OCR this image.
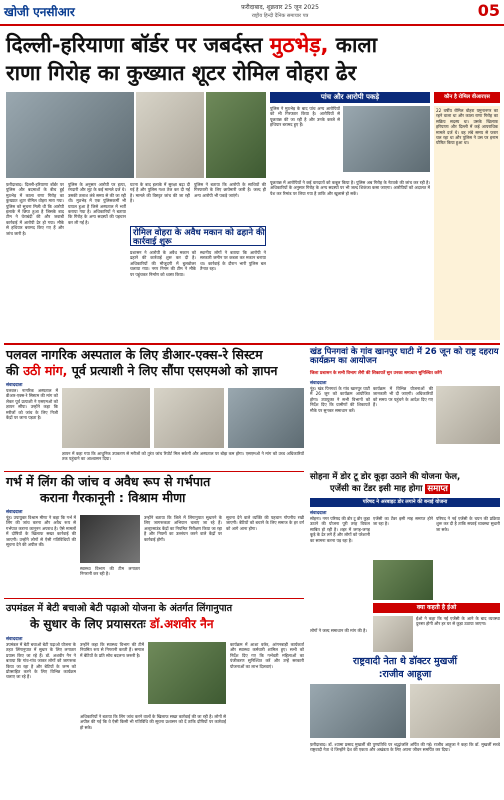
खोजी एनसीआर	फ़रीदाबाद, शुक्रवार 25 जून 2025
राष्ट्रीय हिन्दी दैनिक समाचार पत्र	05
दिल्ली-हरियाणा बॉर्डर पर जबर्दस्त मुठभेड़, काला
राणा गिरोह का कुख्यात शूटर रोमिल वोहरा ढेर
फ़रीदाबाद। दिल्ली-हरियाणा बॉर्डर पर पुलिस और बदमाशों के बीच हुई मुठभेड़ में काला राणा गिरोह का कुख्यात शूटर रोमिल वोहरा मारा गया। पुलिस को सूचना मिली थी कि आरोपी इलाके में छिपा हुआ है जिसके बाद टीम ने घेराबंदी की और जवाबी कार्रवाई में आरोपी ढेर हो गया। मौके से हथियार बरामद किए गए हैं और जांच जारी है।
पुलिस के अनुसार आरोपी पर हत्या, रंगदारी और लूट के कई मामले दर्ज थे। उसकी तलाश लंबे समय से की जा रही थी। मुठभेड़ में एक पुलिसकर्मी भी घायल हुआ है जिसे अस्पताल में भर्ती कराया गया है। अधिकारियों ने बताया कि गिरोह के अन्य सदस्यों की पहचान कर ली गई है।
घटना के बाद इलाके में सुरक्षा बढ़ा दी गई है और पुलिस गश्त तेज कर दी गई है। मामले की विस्तृत जांच की जा रही है।
पुलिस ने बताया कि आरोपी के साथियों की गिरफ्तारी के लिए छापेमारी जारी है। जल्द ही अन्य आरोपी भी पकड़े जाएंगे।
रोमिल वोहरा के अवैध मकान को ढहाने की कार्रवाई शुरू
प्रशासन ने आरोपी के अवैध मकान को ढहाने की कार्रवाई शुरू कर दी है। अधिकारियों की मौजूदगी में बुलडोजर चलाया गया। नगर निगम की टीम ने मौके पर पहुंचकर निर्माण को ध्वस्त किया।
स्थानीय लोगों ने बताया कि आरोपी ने सरकारी जमीन पर कब्जा कर मकान बनाया था। कार्रवाई के दौरान भारी पुलिस बल तैनात रहा।
पांच और आरोपी पकड़े
पुलिस ने मुठभेड़ के बाद पांच अन्य आरोपियों को भी गिरफ्तार किया है। आरोपियों से पूछताछ की जा रही है और उनके कब्जे से हथियार बरामद हुए हैं।
पूछताछ में आरोपियों ने कई वारदातों को कबूल किया है। पुलिस अब गिरोह के नेटवर्क की जांच कर रही है। अधिकारियों के अनुसार गिरोह के अन्य सदस्यों पर भी जल्द शिकंजा कसा जाएगा। आरोपियों को अदालत में पेश कर रिमांड पर लिया गया है ताकि और खुलासे हो सकें।
कौन है रोमिल वीआरएस
22 वर्षीय रोमिल वोहरा यमुनानगर का रहने वाला था और काला राणा गिरोह का सक्रिय सदस्य था। उसके खिलाफ हरियाणा और दिल्ली में कई आपराधिक मामले दर्ज थे। वह लंबे समय से फरार चल रहा था और पुलिस ने उस पर इनाम घोषित किया हुआ था।
पलवल नागरिक अस्पताल के लिए डीआर-एक्स-रे सिस्टम
की उठी मांग, पूर्व प्रत्याशी ने लिए सौंपा एसएमओ को ज्ञापन
संवाददाता
पलवल। नागरिक अस्पताल में डीआर-एक्स-रे सिस्टम की मांग को लेकर पूर्व प्रत्याशी ने एसएमओ को ज्ञापन सौंपा। उन्होंने कहा कि मरीजों को जांच के लिए निजी केंद्रों पर जाना पड़ता है।
ज्ञापन में कहा गया कि आधुनिक उपकरण से मरीजों को तुरंत जांच रिपोर्ट मिल सकेगी और अस्पताल पर बोझ कम होगा। एसएमओ ने मांग को उच्च अधिकारियों तक पहुंचाने का आश्वासन दिया।
खंड पिनगवां के गांव खानपुर घाटी में 26 जून को राष्ट्र दहराय कार्यक्रम का आयोजन
जिला प्रशासन के सभी विभाग लेंगी की शिकायतें सुन उनका समाधान सुनिश्चित करेंगे
संवाददाता
नूंह। खंड पिनगवां के गांव खानपुर घाटी में 26 जून को कार्यक्रम आयोजित होगा। उपायुक्त ने सभी विभागों को निर्देश दिए कि ग्रामीणों की शिकायतें मौके पर सुनकर समाधान करें।
कार्यक्रम में विभिन्न योजनाओं की जानकारी भी दी जाएगी। अधिकारियों को समय पर पहुंचने के आदेश दिए गए हैं।
गर्भ में लिंग की जांच व अवैध रूप से गर्भपात
कराना गैरकानूनी : विश्राम मीणा
संवाददाता
नूंह। उपायुक्त विश्राम मीणा ने कहा कि गर्भ में लिंग की जांच करना और अवैध रूप से गर्भपात कराना कानूनन अपराध है। ऐसे मामलों में दोषियों के खिलाफ सख्त कार्रवाई की जाएगी। उन्होंने लोगों से ऐसी गतिविधियों की सूचना देने की अपील की।
स्वास्थ्य विभाग की टीम लगातार निगरानी कर रही है।
उन्होंने बताया कि जिले में लिंगानुपात सुधारने के लिए जागरूकता अभियान चलाए जा रहे हैं। अल्ट्रासाउंड केंद्रों का नियमित निरीक्षण किया जा रहा है और नियमों का उल्लंघन करने वाले केंद्रों पर कार्रवाई होगी।
सूचना देने वाले व्यक्ति की पहचान गोपनीय रखी जाएगी। बेटियों को बचाने के लिए समाज के हर वर्ग को आगे आना होगा।
सोहना में डोर टू डोर कूड़ा उठाने की योजना फेल,
एजेंसी का टेंडर इसी माह होगा समाप्त
परिषद ने अरबाइट डोर लगाने की बनाई योजना
संवाददाता
सोहना। नगर परिषद की डोर टू डोर कूड़ा उठाने की योजना पूरी तरह विफल साबित हो रही है। शहर में जगह-जगह कूड़े के ढेर लगे हैं और लोगों को परेशानी का सामना करना पड़ रहा है।
एजेंसी का टेंडर इसी माह समाप्त होने जा रहा है।
परिषद ने नई एजेंसी के चयन की प्रक्रिया शुरू कर दी है ताकि सफाई व्यवस्था सुधारी जा सके।
क्या कहती है ईओ
ईओ ने कहा कि नई एजेंसी के आने के बाद व्यवस्था दुरुस्त होगी और हर घर से कूड़ा उठाया जाएगा।
लोगों ने जल्द समाधान की मांग की है।
उपमंडल में बेटी बचाओ बेटी पढ़ाओ योजना के अंतर्गत लिंगानुपात
के सुधार के लिए प्रयासरतः डॉ.अशवीर नैन
संवाददाता
उपमंडल में बेटी बचाओ बेटी पढ़ाओ योजना के तहत लिंगानुपात में सुधार के लिए लगातार प्रयास किए जा रहे हैं। डॉ. अशवीर नैन ने बताया कि गांव-गांव जाकर लोगों को जागरूक किया जा रहा है और बेटियों के जन्म को प्रोत्साहित करने के लिए विभिन्न कार्यक्रम चलाए जा रहे हैं।
उन्होंने कहा कि स्वास्थ्य विभाग की टीमें नियमित रूप से निगरानी करती हैं। समाज में बेटियों के प्रति सोच बदलना जरूरी है।
कार्यक्रम में आशा वर्कर, आंगनबाड़ी कार्यकर्ता और स्वास्थ्य कर्मचारी शामिल हुए। सभी को निर्देश दिए गए कि गर्भवती महिलाओं का पंजीकरण सुनिश्चित करें और उन्हें सरकारी योजनाओं का लाभ दिलवाएं।
अधिकारियों ने बताया कि लिंग जांच करने वालों के खिलाफ सख्त कार्रवाई की जा रही है। लोगों से अपील की गई कि वे ऐसी किसी भी गतिविधि की सूचना प्रशासन को दें ताकि दोषियों पर कार्रवाई हो सके।
राष्ट्रवादी नेता थे डॉक्टर मुखर्जी
:राजीव आहूजा
फ़रीदाबाद। डॉ. श्यामा प्रसाद मुखर्जी की पुण्यतिथि पर श्रद्धांजलि अर्पित की गई। राजीव आहूजा ने कहा कि डॉ. मुखर्जी सच्चे राष्ट्रवादी नेता थे जिन्होंने देश की एकता और अखंडता के लिए अपना जीवन समर्पित कर दिया।
